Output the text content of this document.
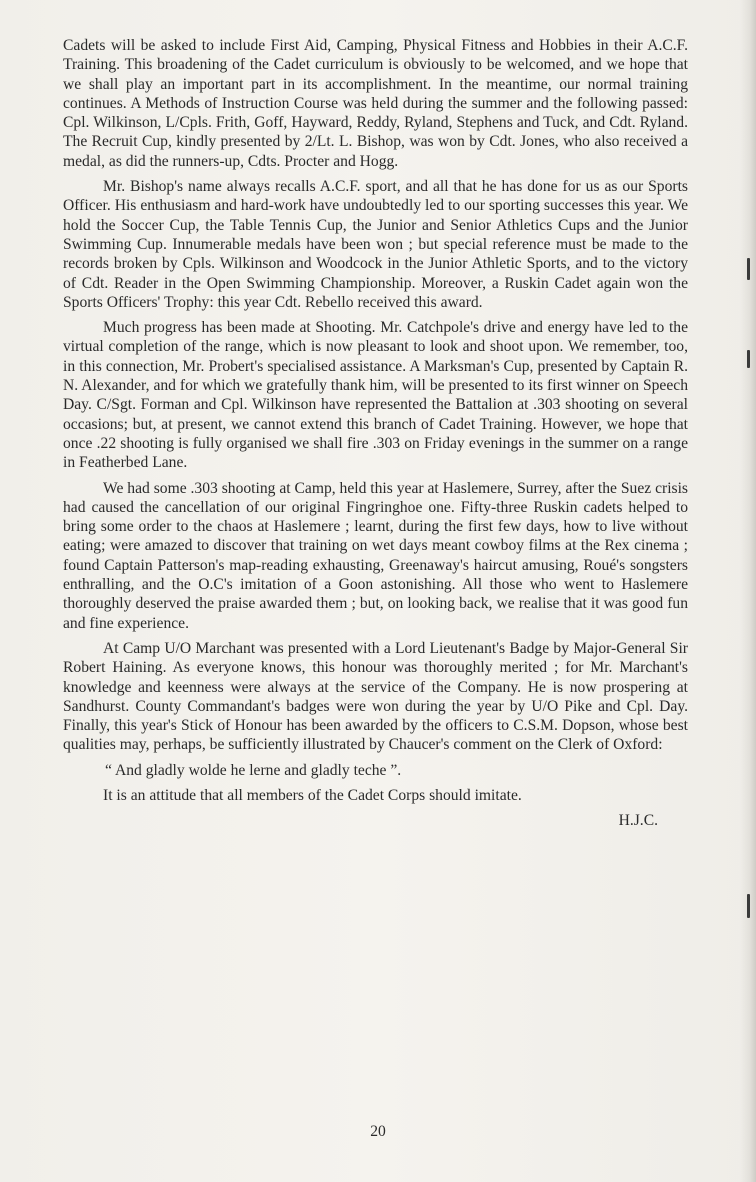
Cadets will be asked to include First Aid, Camping, Physical Fitness and Hobbies in their A.C.F. Training. This broadening of the Cadet curriculum is obviously to be welcomed, and we hope that we shall play an important part in its accomplishment. In the meantime, our normal training continues. A Methods of Instruction Course was held during the summer and the following passed: Cpl. Wilkinson, L/Cpls. Frith, Goff, Hayward, Reddy, Ryland, Stephens and Tuck, and Cdt. Ryland. The Recruit Cup, kindly presented by 2/Lt. L. Bishop, was won by Cdt. Jones, who also received a medal, as did the runners-up, Cdts. Procter and Hogg.

Mr. Bishop's name always recalls A.C.F. sport, and all that he has done for us as our Sports Officer. His enthusiasm and hard-work have undoubtedly led to our sporting successes this year. We hold the Soccer Cup, the Table Tennis Cup, the Junior and Senior Athletics Cups and the Junior Swimming Cup. Innumerable medals have been won ; but special reference must be made to the records broken by Cpls. Wilkinson and Woodcock in the Junior Athletic Sports, and to the victory of Cdt. Reader in the Open Swimming Championship. Moreover, a Ruskin Cadet again won the Sports Officers' Trophy: this year Cdt. Rebello received this award.

Much progress has been made at Shooting. Mr. Catchpole's drive and energy have led to the virtual completion of the range, which is now pleasant to look and shoot upon. We remember, too, in this connection, Mr. Probert's specialised assistance. A Marksman's Cup, presented by Captain R. N. Alexander, and for which we gratefully thank him, will be presented to its first winner on Speech Day. C/Sgt. Forman and Cpl. Wilkinson have represented the Battalion at .303 shooting on several occasions; but, at present, we cannot extend this branch of Cadet Training. However, we hope that once .22 shooting is fully organised we shall fire .303 on Friday evenings in the summer on a range in Featherbed Lane.

We had some .303 shooting at Camp, held this year at Haslemere, Surrey, after the Suez crisis had caused the cancellation of our original Fingringhoe one. Fifty-three Ruskin cadets helped to bring some order to the chaos at Haslemere ; learnt, during the first few days, how to live without eating; were amazed to discover that training on wet days meant cowboy films at the Rex cinema ; found Captain Patterson's map-reading exhausting, Greenaway's haircut amusing, Roué's songsters enthralling, and the O.C's imitation of a Goon astonishing. All those who went to Haslemere thoroughly deserved the praise awarded them ; but, on looking back, we realise that it was good fun and fine experience.

At Camp U/O Marchant was presented with a Lord Lieutenant's Badge by Major-General Sir Robert Haining. As everyone knows, this honour was thoroughly merited ; for Mr. Marchant's knowledge and keenness were always at the service of the Company. He is now prospering at Sandhurst. County Commandant's badges were won during the year by U/O Pike and Cpl. Day. Finally, this year's Stick of Honour has been awarded by the officers to C.S.M. Dopson, whose best qualities may, perhaps, be sufficiently illustrated by Chaucer's comment on the Clerk of Oxford:

“ And gladly wolde he lerne and gladly teche ”.

It is an attitude that all members of the Cadet Corps should imitate.

H.J.C.
20
